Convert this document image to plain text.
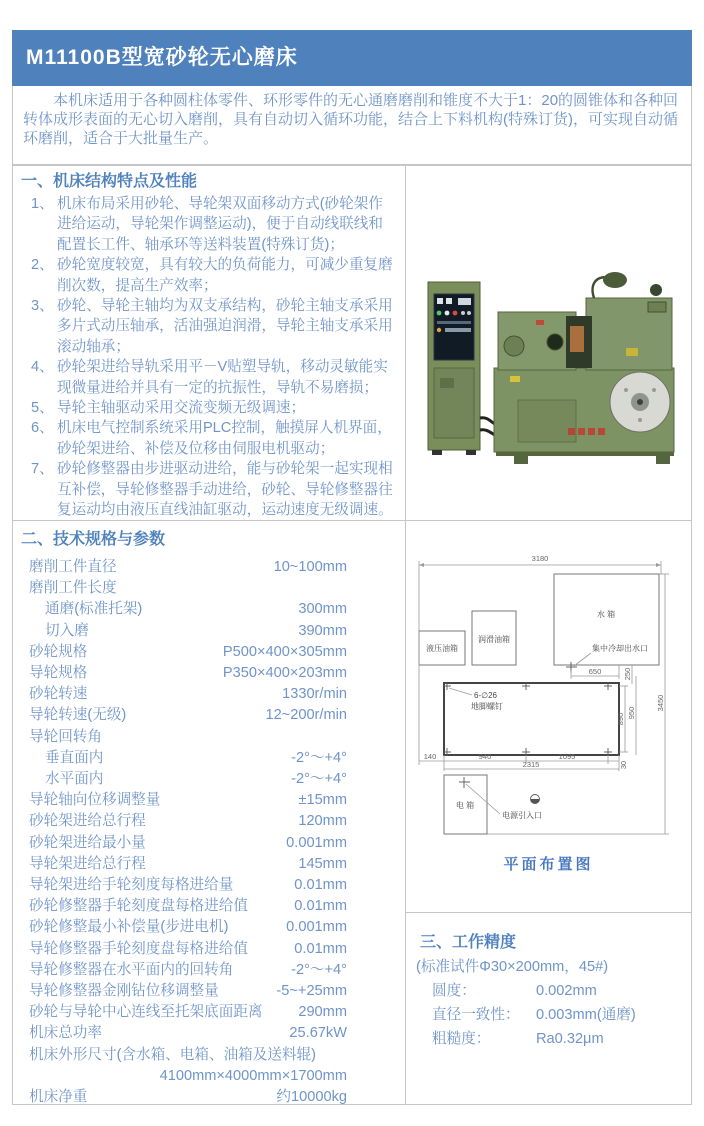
M11100B型宽砂轮无心磨床

本机床适用于各种圆柱体零件、环形零件的无心通磨磨削和锥度不大于1：20的圆锥体和各种回转体成形表面的无心切入磨削，具有自动切入循环功能，结合上下料机构(特殊订货)，可实现自动循环磨削，适合于大批量生产。

一、机床结构特点及性能
1、 机床布局采用砂轮、导轮架双面移动方式(砂轮架作进给运动，导轮架作调整运动)，便于自动线联线和配置长工件、轴承环等送料装置(特殊订货)；
2、 砂轮宽度较宽，具有较大的负荷能力，可减少重复磨削次数，提高生产效率；
3、 砂轮、导轮主轴均为双支承结构，砂轮主轴支承采用多片式动压轴承，活油强迫润滑，导轮主轴支承采用滚动轴承；
4、 砂轮架进给导轨采用平－V贴塑导轨，移动灵敏能实现微量进给并具有一定的抗振性，导轨不易磨损；
5、 导轮主轴驱动采用交流变频无级调速；
6、 机床电气控制系统采用PLC控制，触摸屏人机界面，砂轮架进给、补偿及位移由伺服电机驱动；
7、 砂轮修整器由步进驱动进给，能与砂轮架一起实现相互补偿，导轮修整器手动进给，砂轮、导轮修整器往复运动均由液压直线油缸驱动，运动速度无级调速。
二、技术规格与参数
磨削工件直径	10~100mm
磨削工件长度
通磨(标准托架)	300mm
切入磨	390mm
砂轮规格	P500×400×305mm
导轮规格	P350×400×203mm
砂轮转速	1330r/min
导轮转速(无级)	12~200r/min
导轮回转角
垂直面内	-2°～+4°
水平面内	-2°～+4°
导轮轴向位移调整量	±15mm
砂轮架进给总行程	120mm
砂轮架进给最小量	0.001mm
导轮架进给总行程	145mm
导轮架进给手轮刻度每格进给量	0.01mm
砂轮修整器手轮刻度盘每格进给值	0.01mm
砂轮修整最小补偿量(步进电机)	0.001mm
导轮修整器手轮刻度盘每格进给值	0.01mm
导轮修整器在水平面内的回转角	-2°～+4°
导轮修整器金刚钻位移调整量	-5~+25mm
砂轮与导轮中心连线至托架底面距离	290mm
机床总功率	25.67kW
机床外形尺寸(含水箱、电箱、油箱及送料辊)
4100mm×4000mm×1700mm
机床净重	约10000kg
3180
水 箱
润滑油箱
液压油箱	集中冷却出水口
650	250
3450
6-∅26
地脚螺钉
890 950
140	940	1095
2315	30
电 箱
电源引入口
平面布置图
三、工作精度
(标准试件Φ30×200mm，45#)
圆度：	0.002mm
直径一致性：	0.003mm(通磨)
粗糙度：	Ra0.32μm
